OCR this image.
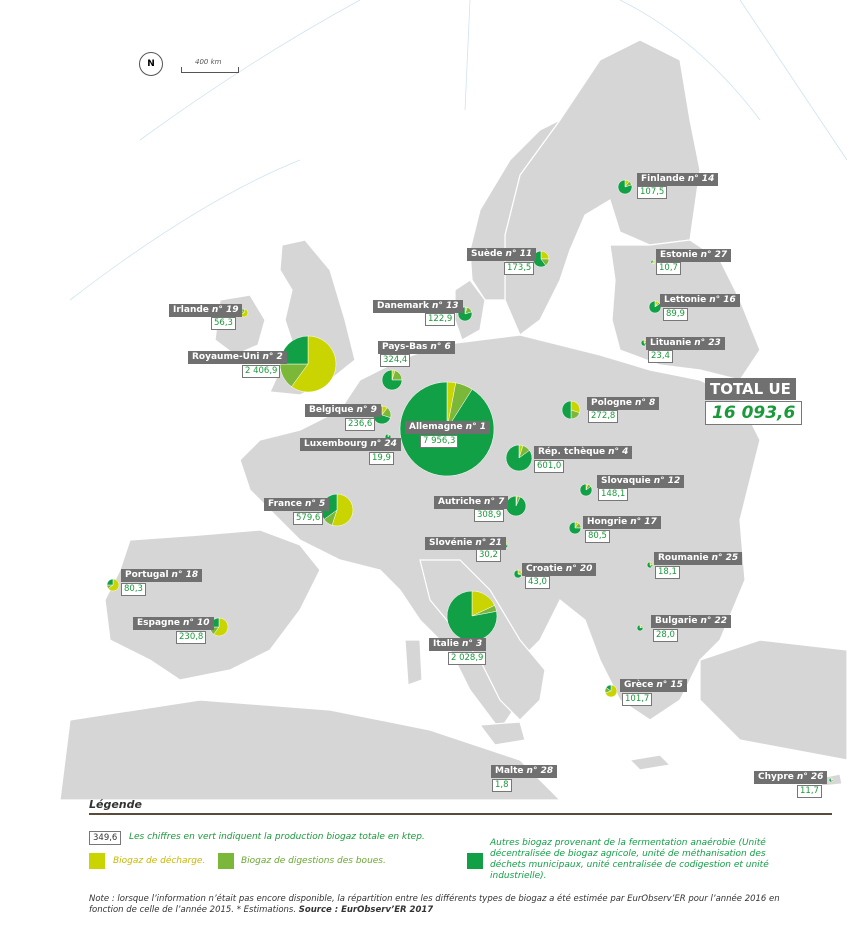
N	400 km
Finlande n° 14
107,5
Suède n° 11
173,5
Estonie n° 27
10,7
Irlande n° 19
56,3
Danemark n° 13
122,9
Lettonie n° 16
89,9
Pays-Bas n° 6
324,4
Lituanie n° 23
23,4
Royaume-Uni n° 2
2 406,9
Pologne n° 8
272,8
Belgique n° 9
236,6	Allemagne n° 1
7 956,3
Luxembourg n° 24
19,9
Rép. tchèque n° 4
601,0
Slovaquie n° 12
148,1
France n° 5
579,6
Autriche n° 7
308,9
Hongrie n° 17
80,5
Slovénie n° 21
30,2	Roumanie n° 25
18,1
Croatie n° 20
43,0
Portugal n° 18
80,3
Espagne n° 10
230,8
Bulgarie n° 22
28,0
Italie n° 3
2 028,9
Grèce n° 15
101,7
Malte n° 28
1,8
Chypre n° 26
11,7
TOTAL UE
16 093,6
Légende
349,6	Les chiffres en vert indiquent la production biogaz totale en ktep.
Biogaz de décharge.	Biogaz de digestions des boues.
Autres biogaz provenant de la fermentation anaérobie (Unité décentralisée de biogaz agricole, unité de méthanisation des déchets municipaux, unité centralisée de codigestion et unité industrielle).
Note : lorsque l’information n’était pas encore disponible, la répartition entre les différents types de biogaz a été estimée par EurObserv’ER pour l’année 2016 en fonction de celle de l’année 2015. * Estimations. Source : EurObserv’ER 2017
